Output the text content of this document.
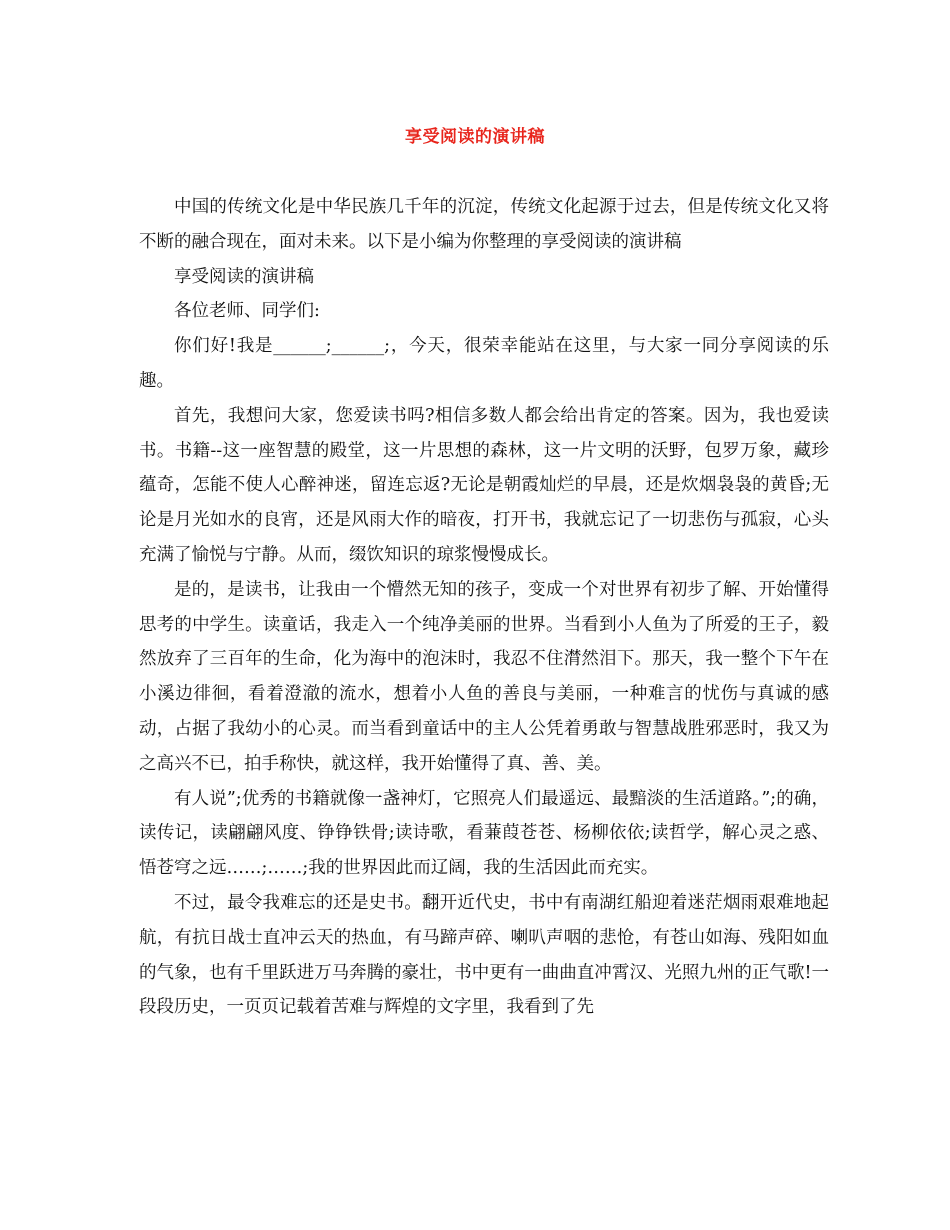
享受阅读的演讲稿

中国的传统文化是中华民族几千年的沉淀，传统文化起源于过去，但是传统文化又将不断的融合现在，面对未来。以下是小编为你整理的享受阅读的演讲稿

享受阅读的演讲稿

各位老师、同学们:

你们好!我是______;______;，今天，很荣幸能站在这里，与大家一同分享阅读的乐趣。

首先，我想问大家，您爱读书吗?相信多数人都会给出肯定的答案。因为，我也爱读书。书籍--这一座智慧的殿堂，这一片思想的森林，这一片文明的沃野，包罗万象，藏珍蕴奇，怎能不使人心醉神迷，留连忘返?无论是朝霞灿烂的早晨，还是炊烟袅袅的黄昏;无论是月光如水的良宵，还是风雨大作的暗夜，打开书，我就忘记了一切悲伤与孤寂，心头充满了愉悦与宁静。从而，缀饮知识的琼浆慢慢成长。

是的，是读书，让我由一个懵然无知的孩子，变成一个对世界有初步了解、开始懂得思考的中学生。读童话，我走入一个纯净美丽的世界。当看到小人鱼为了所爱的王子，毅然放弃了三百年的生命，化为海中的泡沫时，我忍不住潸然泪下。那天，我一整个下午在小溪边徘徊，看着澄澈的流水，想着小人鱼的善良与美丽，一种难言的忧伤与真诚的感动，占据了我幼小的心灵。而当看到童话中的主人公凭着勇敢与智慧战胜邪恶时，我又为之高兴不已，拍手称快，就这样，我开始懂得了真、善、美。

有人说”;优秀的书籍就像一盏神灯，它照亮人们最遥远、最黯淡的生活道路。”;的确，读传记，读翩翩风度、铮铮铁骨;读诗歌，看蒹葭苍苍、杨柳依依;读哲学，解心灵之惑、悟苍穹之远……;……;我的世界因此而辽阔，我的生活因此而充实。

不过，最令我难忘的还是史书。翻开近代史，书中有南湖红船迎着迷茫烟雨艰难地起航，有抗日战士直冲云天的热血，有马蹄声碎、喇叭声咽的悲怆，有苍山如海、残阳如血的气象，也有千里跃进万马奔腾的豪壮，书中更有一曲曲直冲霄汉、光照九州的正气歌!一段段历史，一页页记载着苦难与辉煌的文字里，我看到了先
